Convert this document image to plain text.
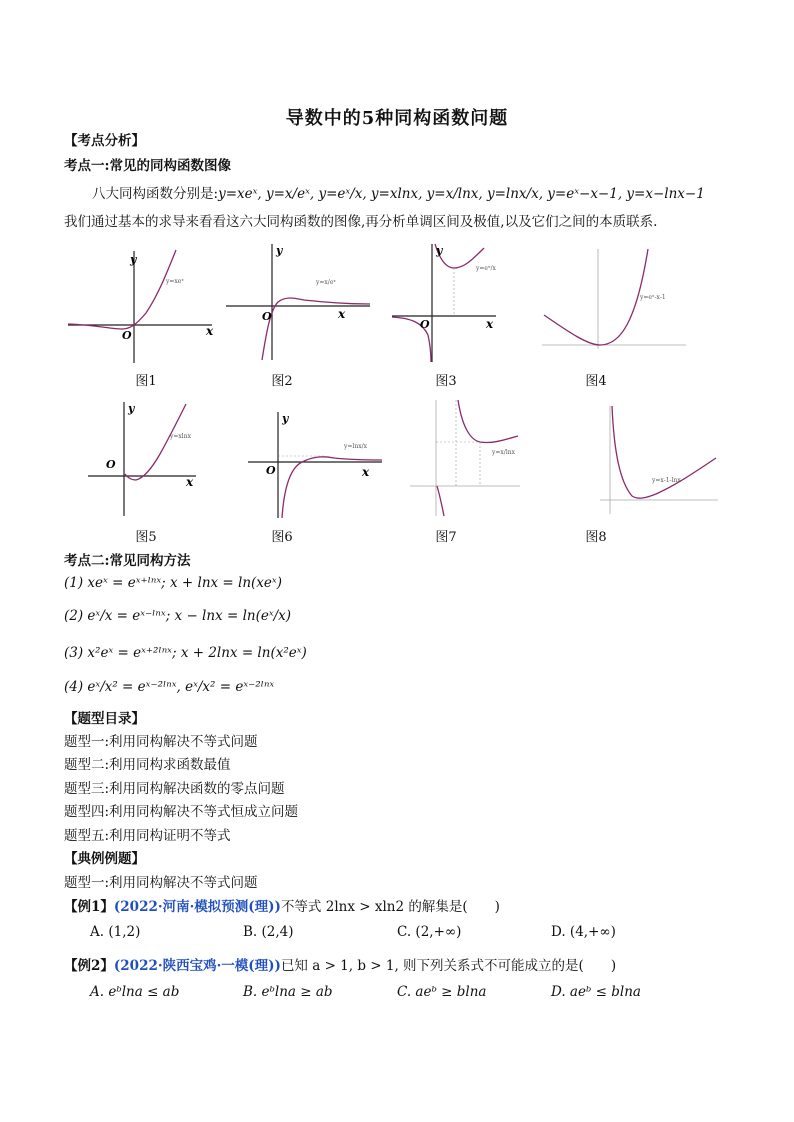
导数中的5种同构函数问题
【考点分析】
考点一:常见的同构函数图像
八大同构函数分别是:y=xeˣ, y=x/eˣ, y=eˣ/x, y=xlnx, y=x/lnx, y=lnx/x, y=eˣ−x−1, y=x−lnx−1
我们通过基本的求导来看看这六大同构函数的图像,再分析单调区间及极值,以及它们之间的本质联系.
y
x
O
y=xeˣ
y
x
O
y=x/eˣ
y
x
O
y=eˣ/x
y=eˣ-x-1
图1	图2	图3	图4
y
x
O
y=xlnx
y
x
O
y=lnx/x
y=x/lnx
y=x-1-lnx
图5	图6	图7	图8
考点二:常见同构方法
(1) xeˣ = eˣ⁺ˡⁿˣ; x + lnx = ln(xeˣ)
(2) eˣ/x = eˣ⁻ˡⁿˣ; x − lnx = ln(eˣ/x)
(3) x²eˣ = eˣ⁺²ˡⁿˣ; x + 2lnx = ln(x²eˣ)
(4) eˣ/x² = eˣ⁻²ˡⁿˣ, eˣ/x² = eˣ⁻²ˡⁿˣ
【题型目录】
题型一:利用同构解决不等式问题
题型二:利用同构求函数最值
题型三:利用同构解决函数的零点问题
题型四:利用同构解决不等式恒成立问题
题型五:利用同构证明不等式
【典例例题】
题型一:利用同构解决不等式问题
【例1】(2022·河南·模拟预测(理))不等式 2lnx > xln2 的解集是(　　)
A. (1,2)	B. (2,4)	C. (2,+∞)	D. (4,+∞)
【例2】(2022·陕西宝鸡·一模(理))已知 a > 1, b > 1, 则下列关系式不可能成立的是(　　)
A. eᵇlna ≤ ab	B. eᵇlna ≥ ab	C. aeᵇ ≥ blna	D. aeᵇ ≤ blna
